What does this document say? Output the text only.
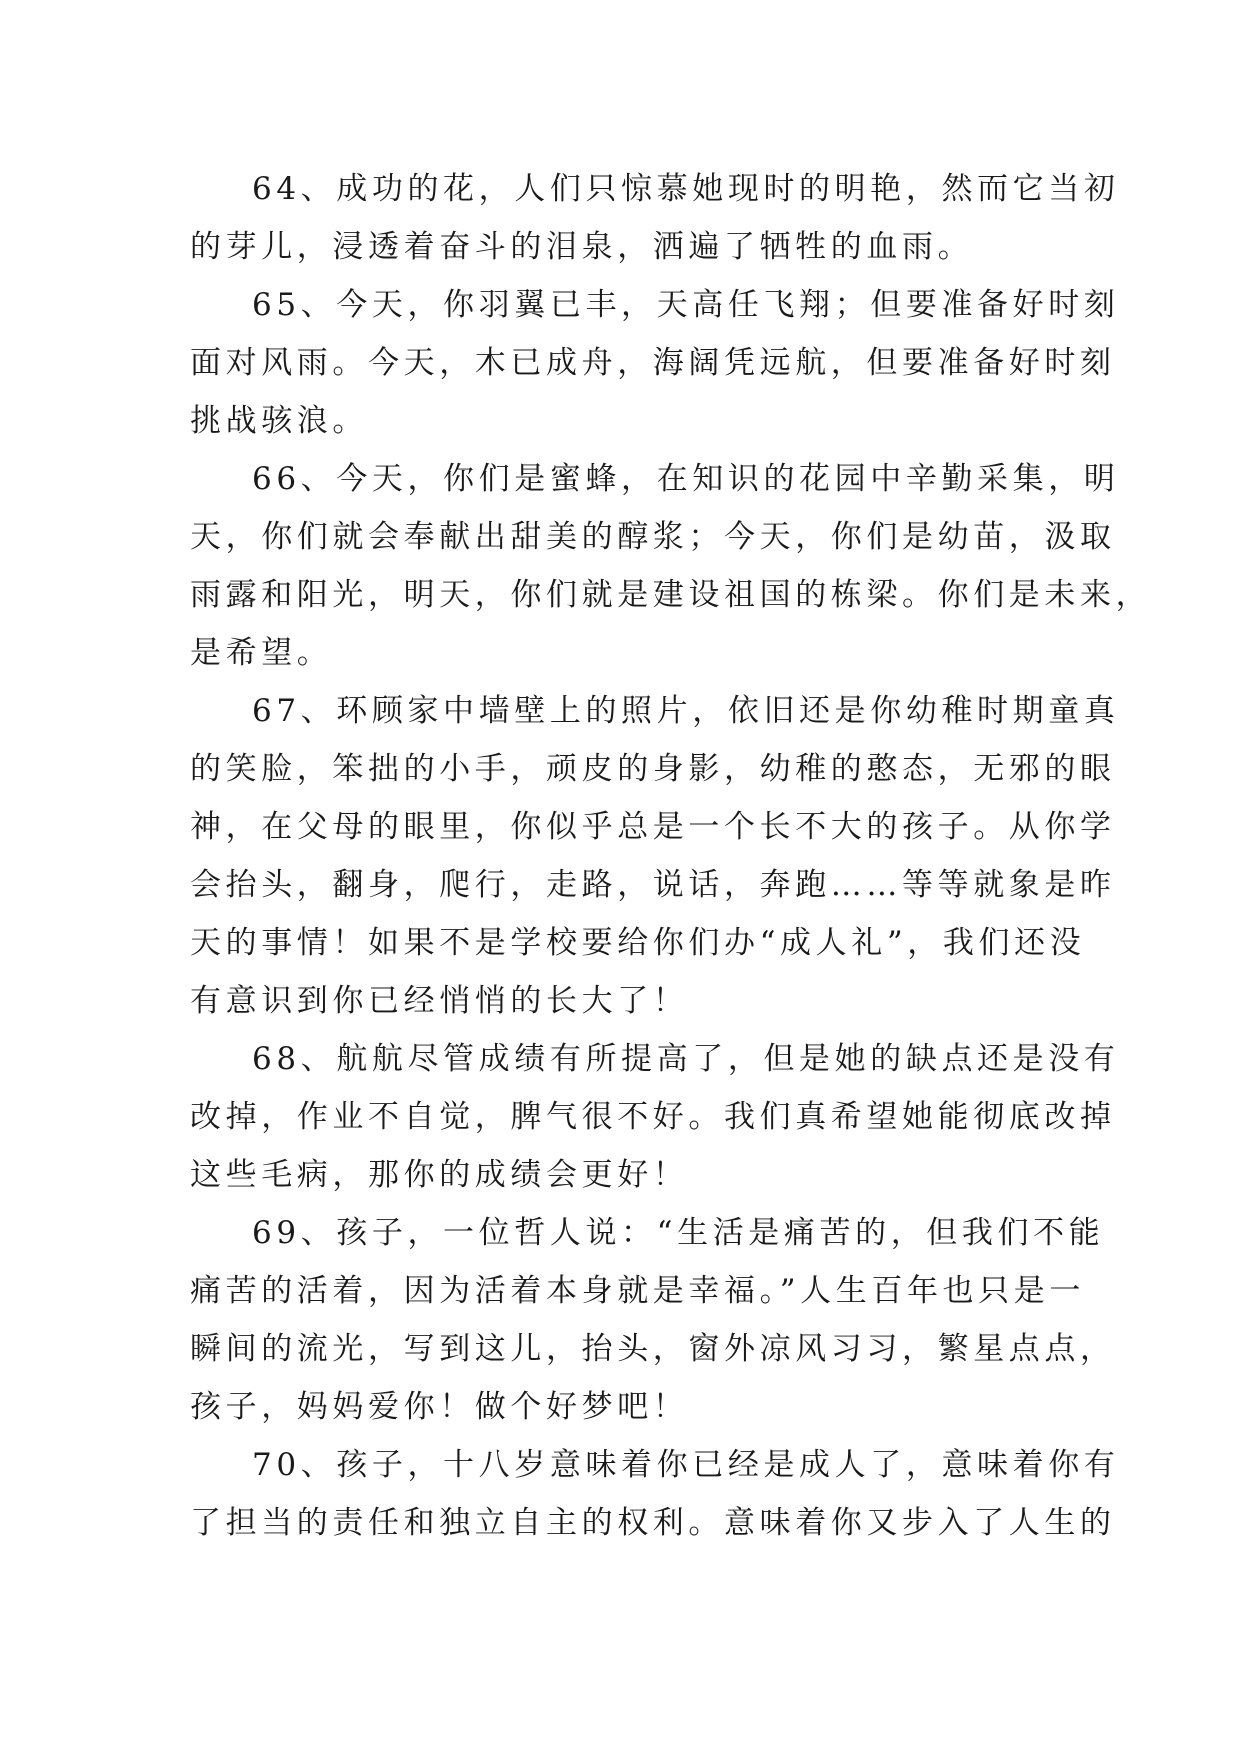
64、成功的花，人们只惊慕她现时的明艳，然而它当初
的芽儿，浸透着奋斗的泪泉，洒遍了牺牲的血雨。

65、今天，你羽翼已丰，天高任飞翔；但要准备好时刻
面对风雨。今天，木已成舟，海阔凭远航，但要准备好时刻
挑战骇浪。

66、今天，你们是蜜蜂，在知识的花园中辛勤采集，明
天，你们就会奉献出甜美的醇浆；今天，你们是幼苗，汲取
雨露和阳光，明天，你们就是建设祖国的栋梁。你们是未来，
是希望。

67、环顾家中墙壁上的照片，依旧还是你幼稚时期童真
的笑脸，笨拙的小手，顽皮的身影，幼稚的憨态，无邪的眼
神，在父母的眼里，你似乎总是一个长不大的孩子。从你学
会抬头，翻身，爬行，走路，说话，奔跑……等等就象是昨
天的事情！如果不是学校要给你们办“成人礼”，我们还没
有意识到你已经悄悄的长大了！

68、航航尽管成绩有所提高了，但是她的缺点还是没有
改掉，作业不自觉，脾气很不好。我们真希望她能彻底改掉
这些毛病，那你的成绩会更好！

69、孩子，一位哲人说：“生活是痛苦的，但我们不能
痛苦的活着，因为活着本身就是幸福。”人生百年也只是一
瞬间的流光，写到这儿，抬头，窗外凉风习习，繁星点点，
孩子，妈妈爱你！做个好梦吧！

70、孩子，十八岁意味着你已经是成人了，意味着你有
了担当的责任和独立自主的权利。意味着你又步入了人生的
